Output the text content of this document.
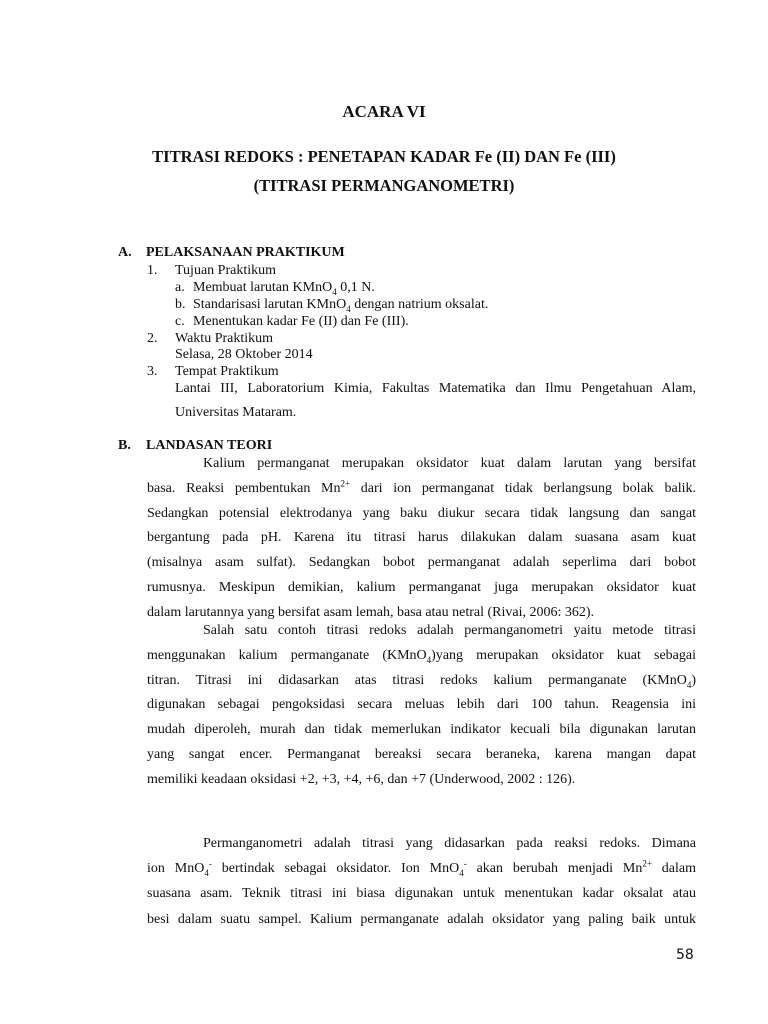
ACARA VI
TITRASI REDOKS : PENETAPAN KADAR Fe (II) DAN Fe (III)
(TITRASI PERMANGANOMETRI)
A. PELAKSANAAN PRAKTIKUM
1. Tujuan Praktikum
a. Membuat larutan KMnO$_4$ 0,1 N.
b. Standarisasi larutan KMnO$_4$ dengan natrium oksalat.
c. Menentukan kadar Fe (II) dan Fe (III).
2. Waktu Praktikum
Selasa, 28 Oktober 2014
3. Tempat Praktikum
Lantai III, Laboratorium Kimia, Fakultas Matematika dan Ilmu Pengetahuan Alam,
Universitas Mataram.
B. LANDASAN TEORI
Kalium permanganat merupakan oksidator kuat dalam larutan yang bersifat
basa. Reaksi pembentukan $Mn^{2+}$ dari ion permanganat tidak berlangsung bolak balik.
Sedangkan potensial elektrodanya yang baku diukur secara tidak langsung dan sangat
bergantung pada pH. Karena itu titrasi harus dilakukan dalam suasana asam kuat
(misalnya asam sulfat). Sedangkan bobot permanganat adalah seperlima dari bobot
rumusnya. Meskipun demikian, kalium permanganat juga merupakan oksidator kuat
dalam larutannya yang bersifat asam lemah, basa atau netral (Rivai, 2006: 362).
Salah satu contoh titrasi redoks adalah permanganometri yaitu metode titrasi
menggunakan kalium permanganate (KMnO$_4$)yang merupakan oksidator kuat sebagai
titran. Titrasi ini didasarkan atas titrasi redoks kalium permanganate (KMnO$_4$)
digunakan sebagai pengoksidasi secara meluas lebih dari 100 tahun. Reagensia ini
mudah diperoleh, murah dan tidak memerlukan indikator kecuali bila digunakan larutan
yang sangat encer. Permanganat bereaksi secara beraneka, karena mangan dapat
memiliki keadaan oksidasi +2, +3, +4, +6, dan +7 (Underwood, 2002 : 126).
Permanganometri adalah titrasi yang didasarkan pada reaksi redoks. Dimana
ion MnO$_4$- bertindak sebagai oksidator. Ion MnO$_4$- akan berubah menjadi $Mn^{2+}$ dalam
suasana asam. Teknik titrasi ini biasa digunakan untuk menentukan kadar oksalat atau
besi dalam suatu sampel. Kalium permanganate adalah oksidator yang paling baik untuk
58
